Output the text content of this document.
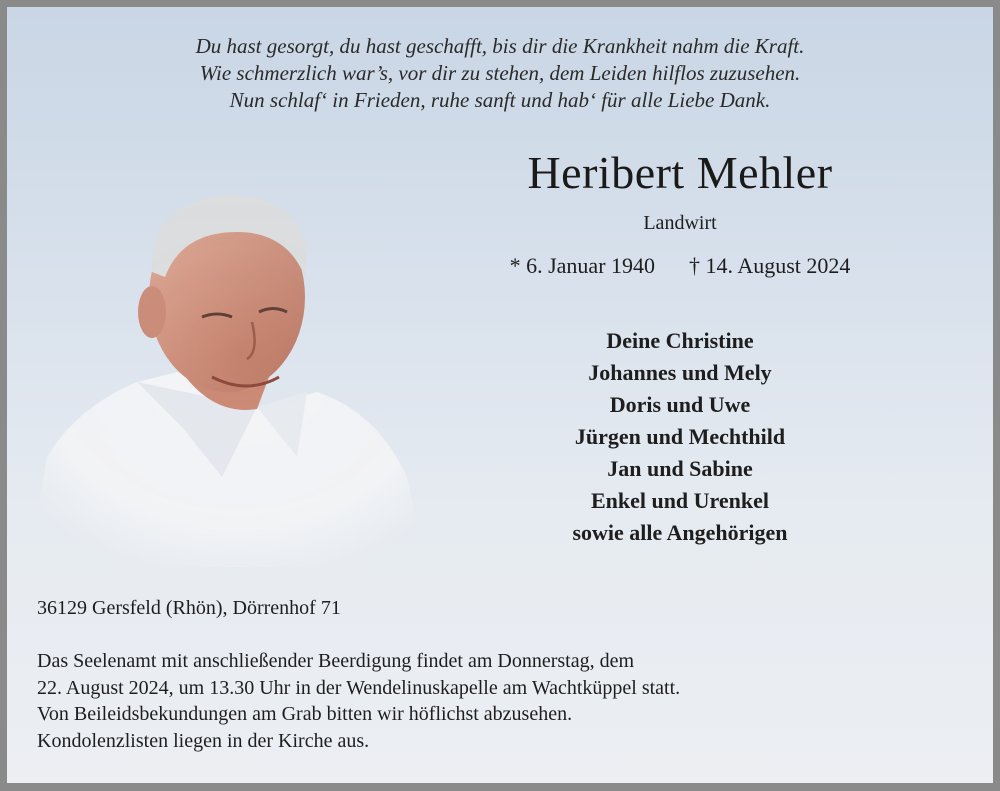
Du hast gesorgt, du hast geschafft, bis dir die Krankheit nahm die Kraft.
Wie schmerzlich war’s, vor dir zu stehen, dem Leiden hilflos zuzusehen.
Nun schlaf‘ in Frieden, ruhe sanft und hab‘ für alle Liebe Dank.
Heribert Mehler
Landwirt
* 6. Januar 1940 † 14. August 2024
Deine Christine
Johannes und Mely
Doris und Uwe
Jürgen und Mechthild
Jan und Sabine
Enkel und Urenkel
sowie alle Angehörigen
36129 Gersfeld (Rhön), Dörrenhof 71
Das Seelenamt mit anschließender Beerdigung findet am Donnerstag, dem
22. August 2024, um 13.30 Uhr in der Wendelinuskapelle am Wachtküppel statt.
Von Beileidsbekundungen am Grab bitten wir höflichst abzusehen.
Kondolenzlisten liegen in der Kirche aus.
